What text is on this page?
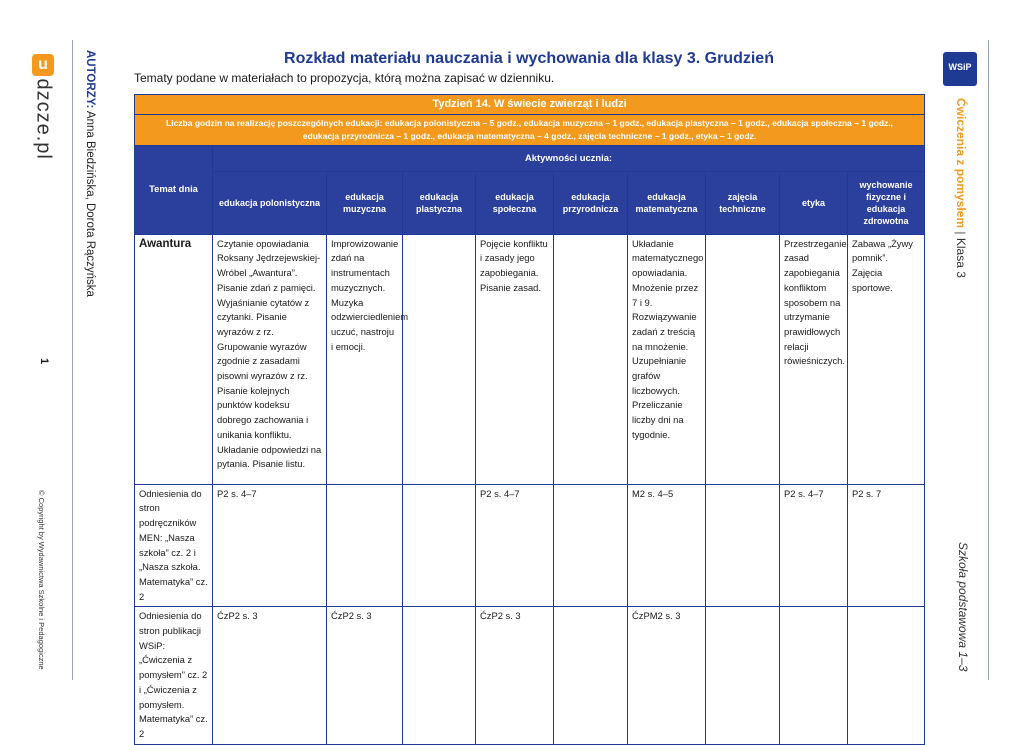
u
dzcze.pl	AUTORZY: Anna Biedzińska, Dorota Rączyńska
1
© Copyright by Wydawnictwa Szkolne i Pedagogiczne
WSiP
Ćwiczenia z pomysłem | Klasa 3
Szkoła podstawowa 1–3
Rozkład materiału nauczania i wychowania dla klasy 3. Grudzień
Tematy podane w materiałach to propozycja, którą można zapisać w dzienniku.
Tydzień 14. W świecie zwierząt i ludzi									
Liczba godzin na realizację poszczególnych edukacji: edukacja polonistyczna – 5 godz., edukacja muzyczna – 1 godz., edukacja plastyczna – 1 godz., edukacja społeczna – 1 godz.,
edukacja przyrodnicza – 1 godz., edukacja matematyczna – 4 godz., zajęcia techniczne – 1 godz., etyka – 1 godz.									
Temat dnia	Aktywności ucznia:								
	edukacja polonistyczna	edukacja muzyczna	edukacja plastyczna	edukacja społeczna	edukacja przyrodnicza	edukacja matematyczna	zajęcia techniczne	etyka	wychowanie fizyczne i edukacja zdrowotna
Awantura	Czytanie opowiadania Roksany Jędrzejewskiej-Wróbel „Awantura”. Pisanie zdań z pamięci. Wyjaśnianie cytatów z czytanki. Pisanie wyrazów z rz. Grupowanie wyrazów zgodnie z zasadami pisowni wyrazów z rz. Pisanie kolejnych punktów kodeksu dobrego zachowania i unikania konfliktu. Układanie odpowiedzi na pytania. Pisanie listu.	Improwizowanie zdań na instrumentach muzycznych. Muzyka odzwierciedleniem uczuć, nastroju i emocji.		Pojęcie konfliktu i zasady jego zapobiegania. Pisanie zasad.		Układanie matematycznego opowiadania. Mnożenie przez 7 i 9. Rozwiązywanie zadań z treścią na mnożenie. Uzupełnianie grafów liczbowych. Przeliczanie liczby dni na tygodnie.		Przestrzeganie zasad zapobiegania konfliktom sposobem na utrzymanie prawidłowych relacji rówieśniczych.	Zabawa „Żywy pomnik”. Zajęcia sportowe.
Odniesienia do stron podręczników MEN: „Nasza szkoła” cz. 2 i „Nasza szkoła. Matematyka” cz. 2	P2 s. 4–7			P2 s. 4–7		M2 s. 4–5		P2 s. 4–7	P2 s. 7
Odniesienia do stron publikacji WSiP: „Ćwiczenia z pomysłem” cz. 2 i „Ćwiczenia z pomysłem. Matematyka” cz. 2	ĆzP2 s. 3	ĆzP2 s. 3		ĆzP2 s. 3		ĆzPM2 s. 3			
